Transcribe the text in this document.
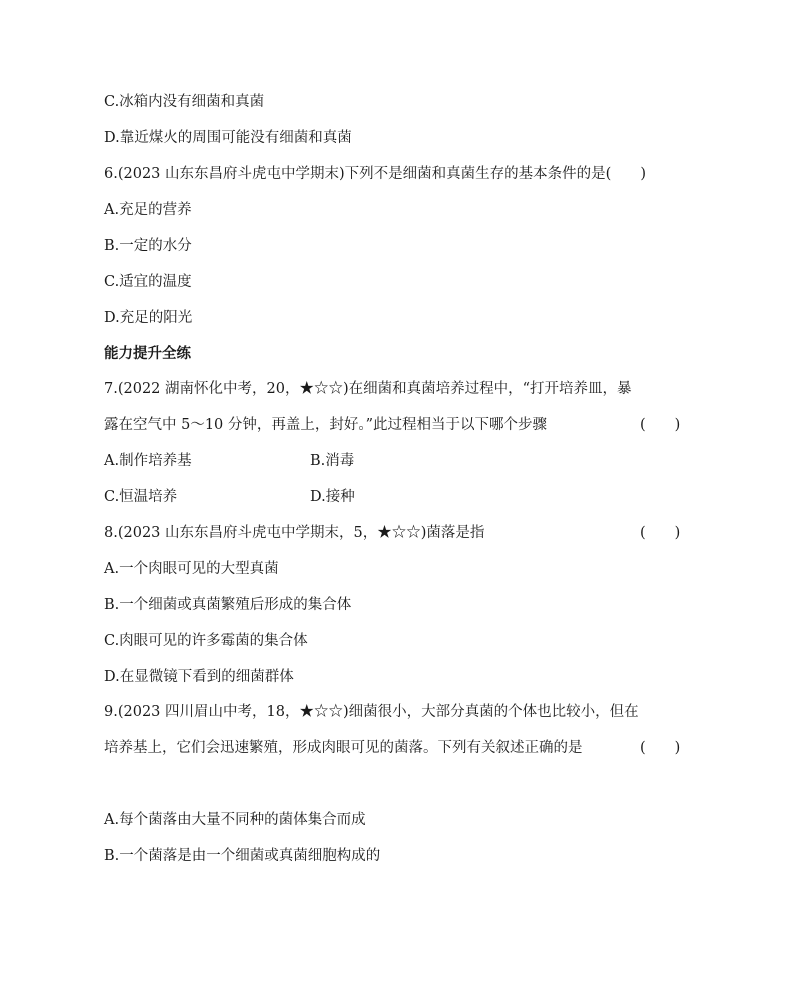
C.冰箱内没有细菌和真菌
D.靠近煤火的周围可能没有细菌和真菌
6.(2023 山东东昌府斗虎屯中学期末)下列不是细菌和真菌生存的基本条件的是(　　)
A.充足的营养
B.一定的水分
C.适宜的温度
D.充足的阳光
能力提升全练
7.(2022 湖南怀化中考，20，★☆☆)在细菌和真菌培养过程中，“打开培养皿，暴
露在空气中 5～10 分钟，再盖上，封好。”此过程相当于以下哪个步骤	(　　)
A.制作培养基	B.消毒
C.恒温培养	D.接种
8.(2023 山东东昌府斗虎屯中学期末，5，★☆☆)菌落是指	(　　)
A.一个肉眼可见的大型真菌
B.一个细菌或真菌繁殖后形成的集合体
C.肉眼可见的许多霉菌的集合体
D.在显微镜下看到的细菌群体
9.(2023 四川眉山中考，18，★☆☆)细菌很小，大部分真菌的个体也比较小，但在
培养基上，它们会迅速繁殖，形成肉眼可见的菌落。下列有关叙述正确的是	(　　)
A.每个菌落由大量不同种的菌体集合而成
B.一个菌落是由一个细菌或真菌细胞构成的
